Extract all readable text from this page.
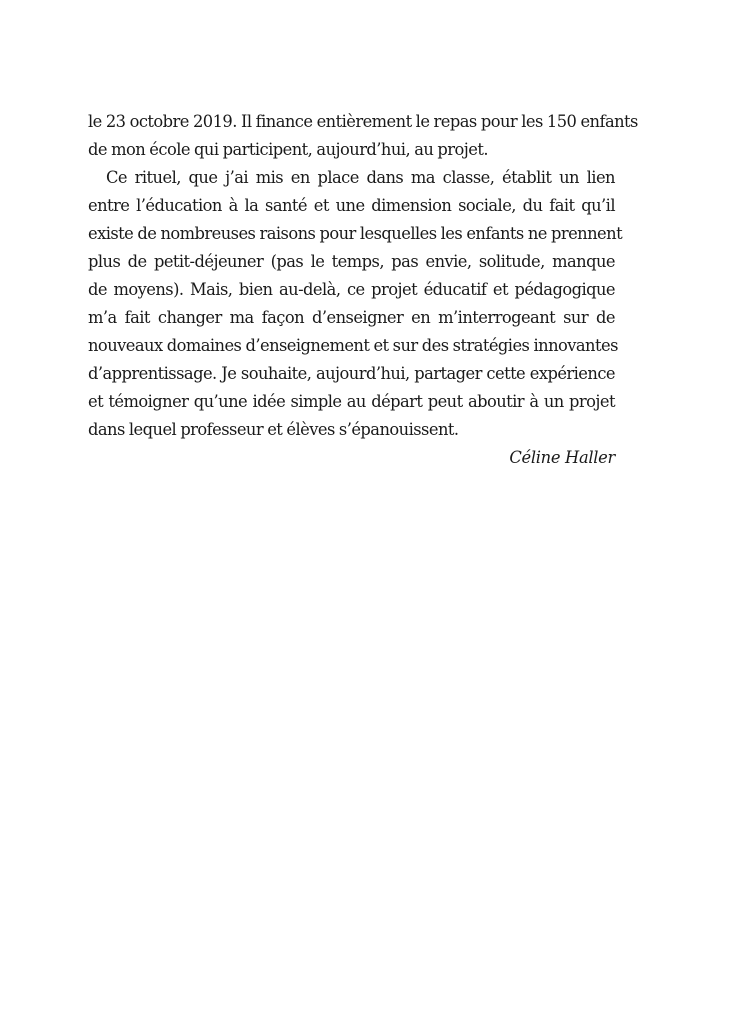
le 23 octobre 2019. Il finance entièrement le repas pour les 150 enfants
de mon école qui participent, aujourd’hui, au projet.
Ce rituel, que j’ai mis en place dans ma classe, établit un lien
entre l’éducation à la santé et une dimension sociale, du fait qu’il
existe de nombreuses raisons pour lesquelles les enfants ne prennent
plus de petit-déjeuner (pas le temps, pas envie, solitude, manque
de moyens). Mais, bien au-delà, ce projet éducatif et pédagogique
m’a fait changer ma façon d’enseigner en m’interrogeant sur de
nouveaux domaines d’enseignement et sur des stratégies innovantes
d’apprentissage. Je souhaite, aujourd’hui, partager cette expérience
et témoigner qu’une idée simple au départ peut aboutir à un projet
dans lequel professeur et élèves s’épanouissent.
Céline Haller
